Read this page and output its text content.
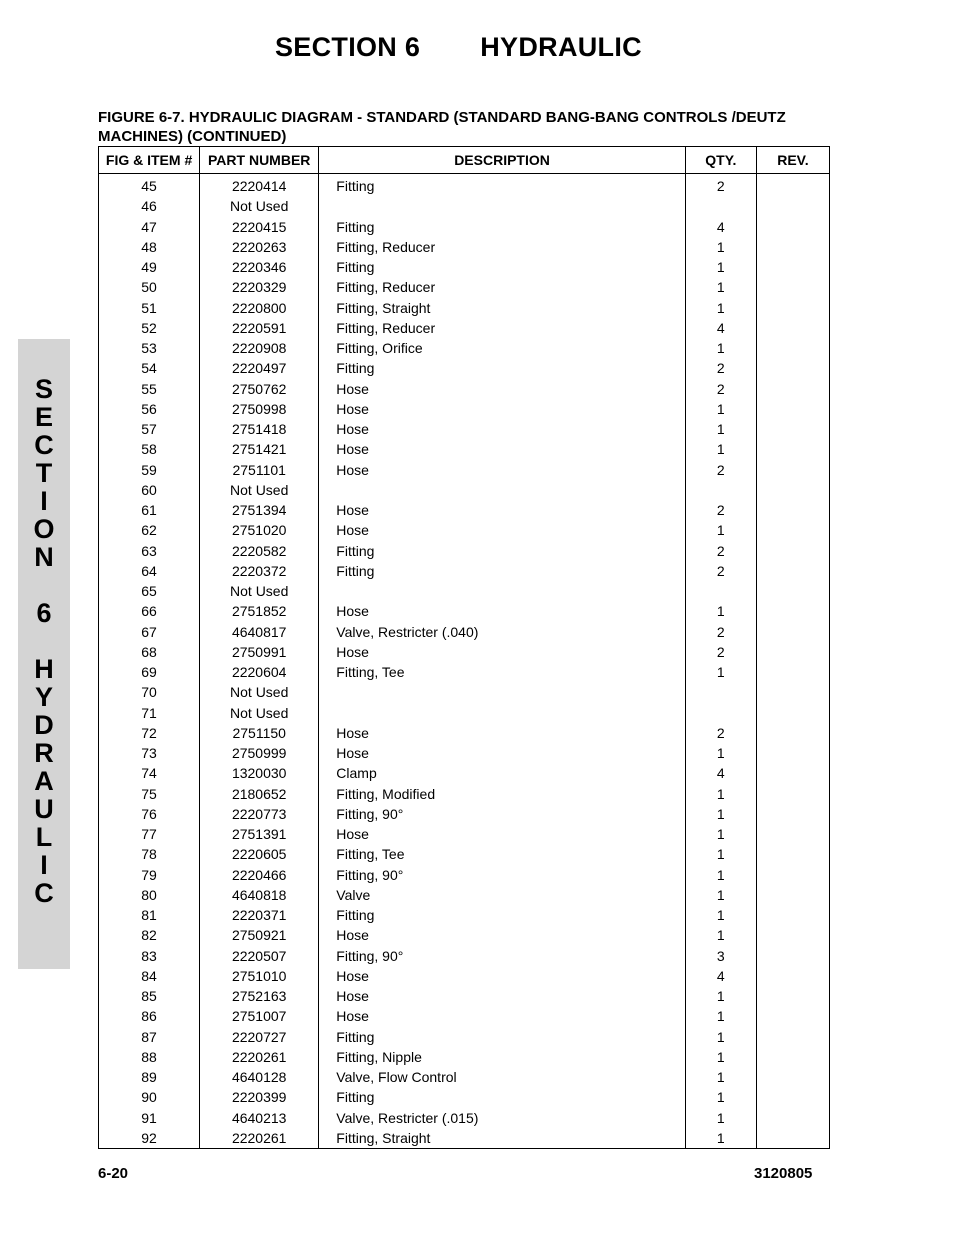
SECTION 6 HYDRAULIC
FIGURE 6-7. HYDRAULIC DIAGRAM - STANDARD (STANDARD BANG-BANG CONTROLS /DEUTZ MACHINES) (CONTINUED)
S
E
C
T
I
O
N
6
H
Y
D
R
A
U
L
I
C
FIG & ITEM #	PART NUMBER	DESCRIPTION	QTY.	REV.
45	2220414	Fitting	2	
46	Not Used			
47	2220415	Fitting	4	
48	2220263	Fitting, Reducer	1	
49	2220346	Fitting	1	
50	2220329	Fitting, Reducer	1	
51	2220800	Fitting, Straight	1	
52	2220591	Fitting, Reducer	4	
53	2220908	Fitting, Orifice	1	
54	2220497	Fitting	2	
55	2750762	Hose	2	
56	2750998	Hose	1	
57	2751418	Hose	1	
58	2751421	Hose	1	
59	2751101	Hose	2	
60	Not Used			
61	2751394	Hose	2	
62	2751020	Hose	1	
63	2220582	Fitting	2	
64	2220372	Fitting	2	
65	Not Used			
66	2751852	Hose	1	
67	4640817	Valve, Restricter (.040)	2	
68	2750991	Hose	2	
69	2220604	Fitting, Tee	1	
70	Not Used			
71	Not Used			
72	2751150	Hose	2	
73	2750999	Hose	1	
74	1320030	Clamp	4	
75	2180652	Fitting, Modified	1	
76	2220773	Fitting, 90°	1	
77	2751391	Hose	1	
78	2220605	Fitting, Tee	1	
79	2220466	Fitting, 90°	1	
80	4640818	Valve	1	
81	2220371	Fitting	1	
82	2750921	Hose	1	
83	2220507	Fitting, 90°	3	
84	2751010	Hose	4	
85	2752163	Hose	1	
86	2751007	Hose	1	
87	2220727	Fitting	1	
88	2220261	Fitting, Nipple	1	
89	4640128	Valve, Flow Control	1	
90	2220399	Fitting	1	
91	4640213	Valve, Restricter (.015)	1	
92	2220261	Fitting, Straight	1	
6-20	3120805
